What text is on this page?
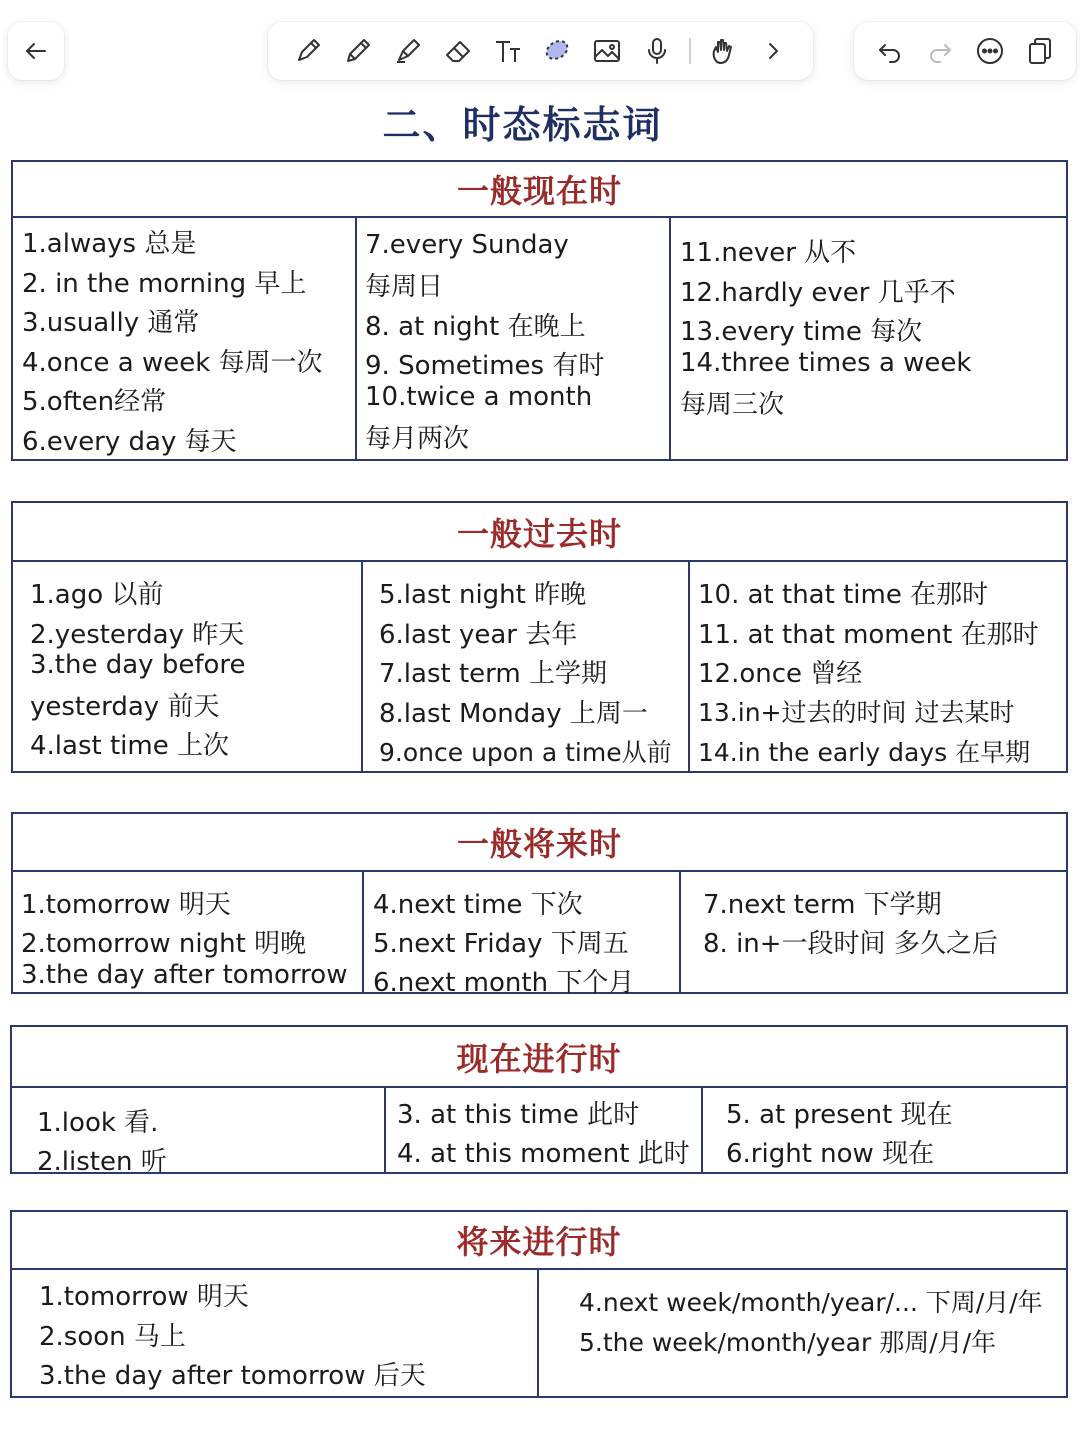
二、时态标志词
一般现在时
1.always 总是
2. in the morning 早上
3.usually 通常
4.once a week 每周一次
5.often经常
6.every day 每天
7.every Sunday
每周日
8. at night 在晚上
9. Sometimes 有时
10.twice a month
每月两次
11.never 从不
12.hardly ever 几乎不
13.every time 每次
14.three times a week
每周三次
一般过去时
1.ago 以前
2.yesterday 昨天
3.the day before
yesterday 前天
4.last time 上次
5.last night 昨晚
6.last year 去年
7.last term 上学期
8.last Monday 上周一
9.once upon a time从前
10. at that time 在那时
11. at that moment 在那时
12.once 曾经
13.in+过去的时间 过去某时
14.in the early days 在早期
一般将来时
1.tomorrow 明天
2.tomorrow night 明晚
3.the day after tomorrow
4.next time 下次
5.next Friday 下周五
6.next month 下个月
7.next term 下学期
8. in+一段时间 多久之后
现在进行时
1.look 看.
2.listen 听
3. at this time 此时
4. at this moment 此时
5. at present 现在
6.right now 现在
将来进行时
1.tomorrow 明天
2.soon 马上
3.the day after tomorrow 后天
4.next week/month/year/... 下周/月/年
5.the week/month/year 那周/月/年
